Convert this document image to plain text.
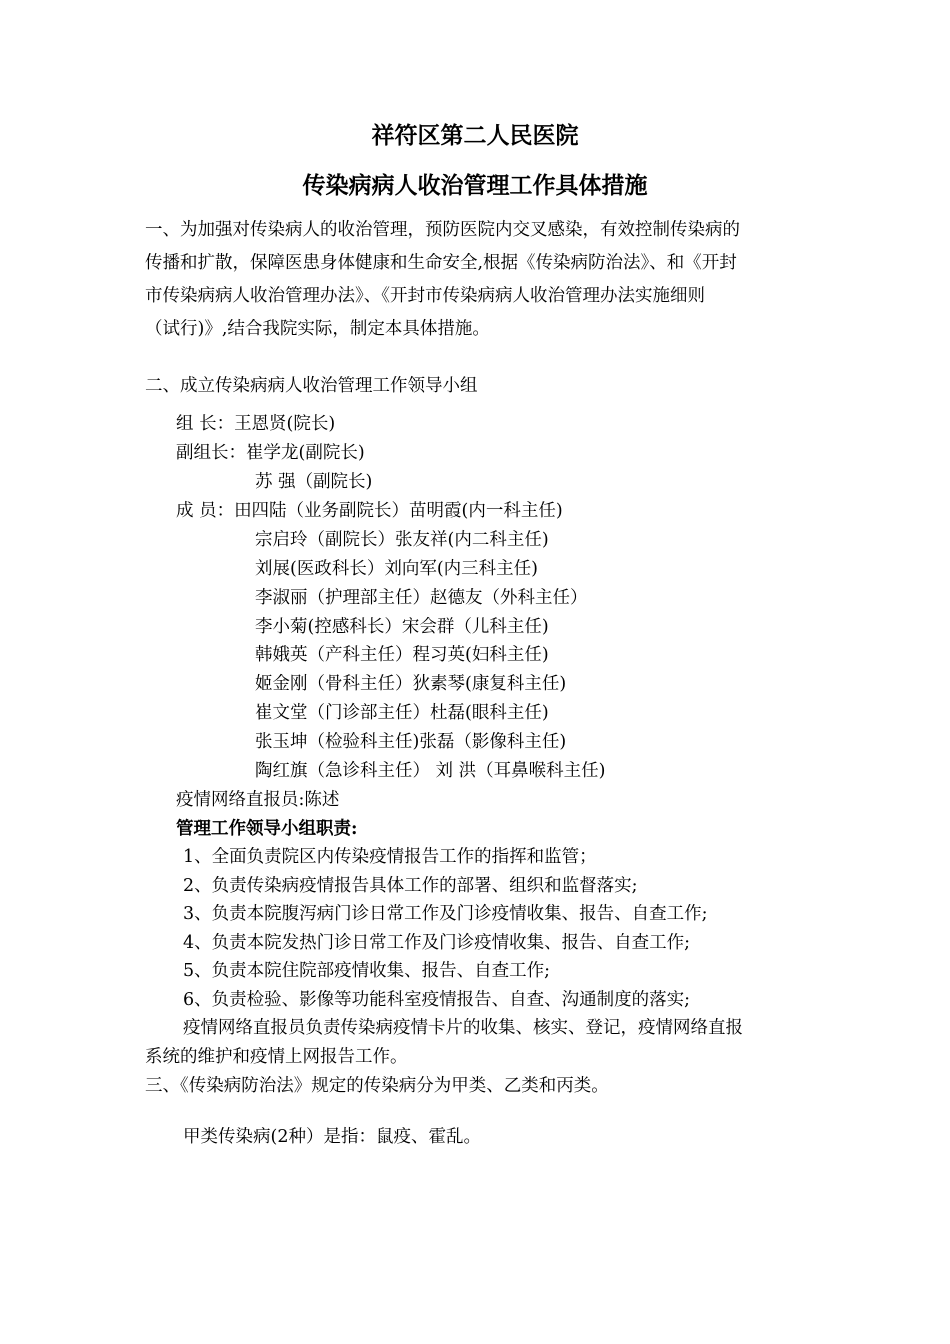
祥符区第二人民医院
传染病病人收治管理工作具体措施
一、为加强对传染病人的收治管理，预防医院内交叉感染，有效控制传染病的
传播和扩散，保障医患身体健康和生命安全,根据《传染病防治法》、和《开封
市传染病病人收治管理办法》、《开封市传染病病人收治管理办法实施细则
（试行)》,结合我院实际，制定本具体措施。
二、成立传染病病人收治管理工作领导小组
组 长：王恩贤(院长)
副组长：崔学龙(副院长)
苏 强（副院长)
成 员：田四陆（业务副院长）苗明霞(内一科主任)
宗启玲（副院长）张友祥(内二科主任)
刘展(医政科长）刘向军(内三科主任)
李淑丽（护理部主任）赵德友（外科主任）
李小菊(控感科长）宋会群（儿科主任)
韩娥英（产科主任）程习英(妇科主任)
姬金刚（骨科主任）狄素琴(康复科主任)
崔文堂（门诊部主任）杜磊(眼科主任)
张玉坤（检验科主任)张磊（影像科主任)
陶红旗（急诊科主任） 刘 洪（耳鼻喉科主任)
疫情网络直报员:陈述
管理工作领导小组职责:
1、全面负责院区内传染疫情报告工作的指挥和监管；
2、负责传染病疫情报告具体工作的部署、组织和监督落实;
3、负责本院腹泻病门诊日常工作及门诊疫情收集、报告、自查工作;
4、负责本院发热门诊日常工作及门诊疫情收集、报告、自查工作;
5、负责本院住院部疫情收集、报告、自查工作;
6、负责检验、影像等功能科室疫情报告、自查、沟通制度的落实;
疫情网络直报员负责传染病疫情卡片的收集、核实、登记，疫情网络直报
系统的维护和疫情上网报告工作。
三、《传染病防治法》规定的传染病分为甲类、乙类和丙类。
甲类传染病(2种）是指：鼠疫、霍乱。
